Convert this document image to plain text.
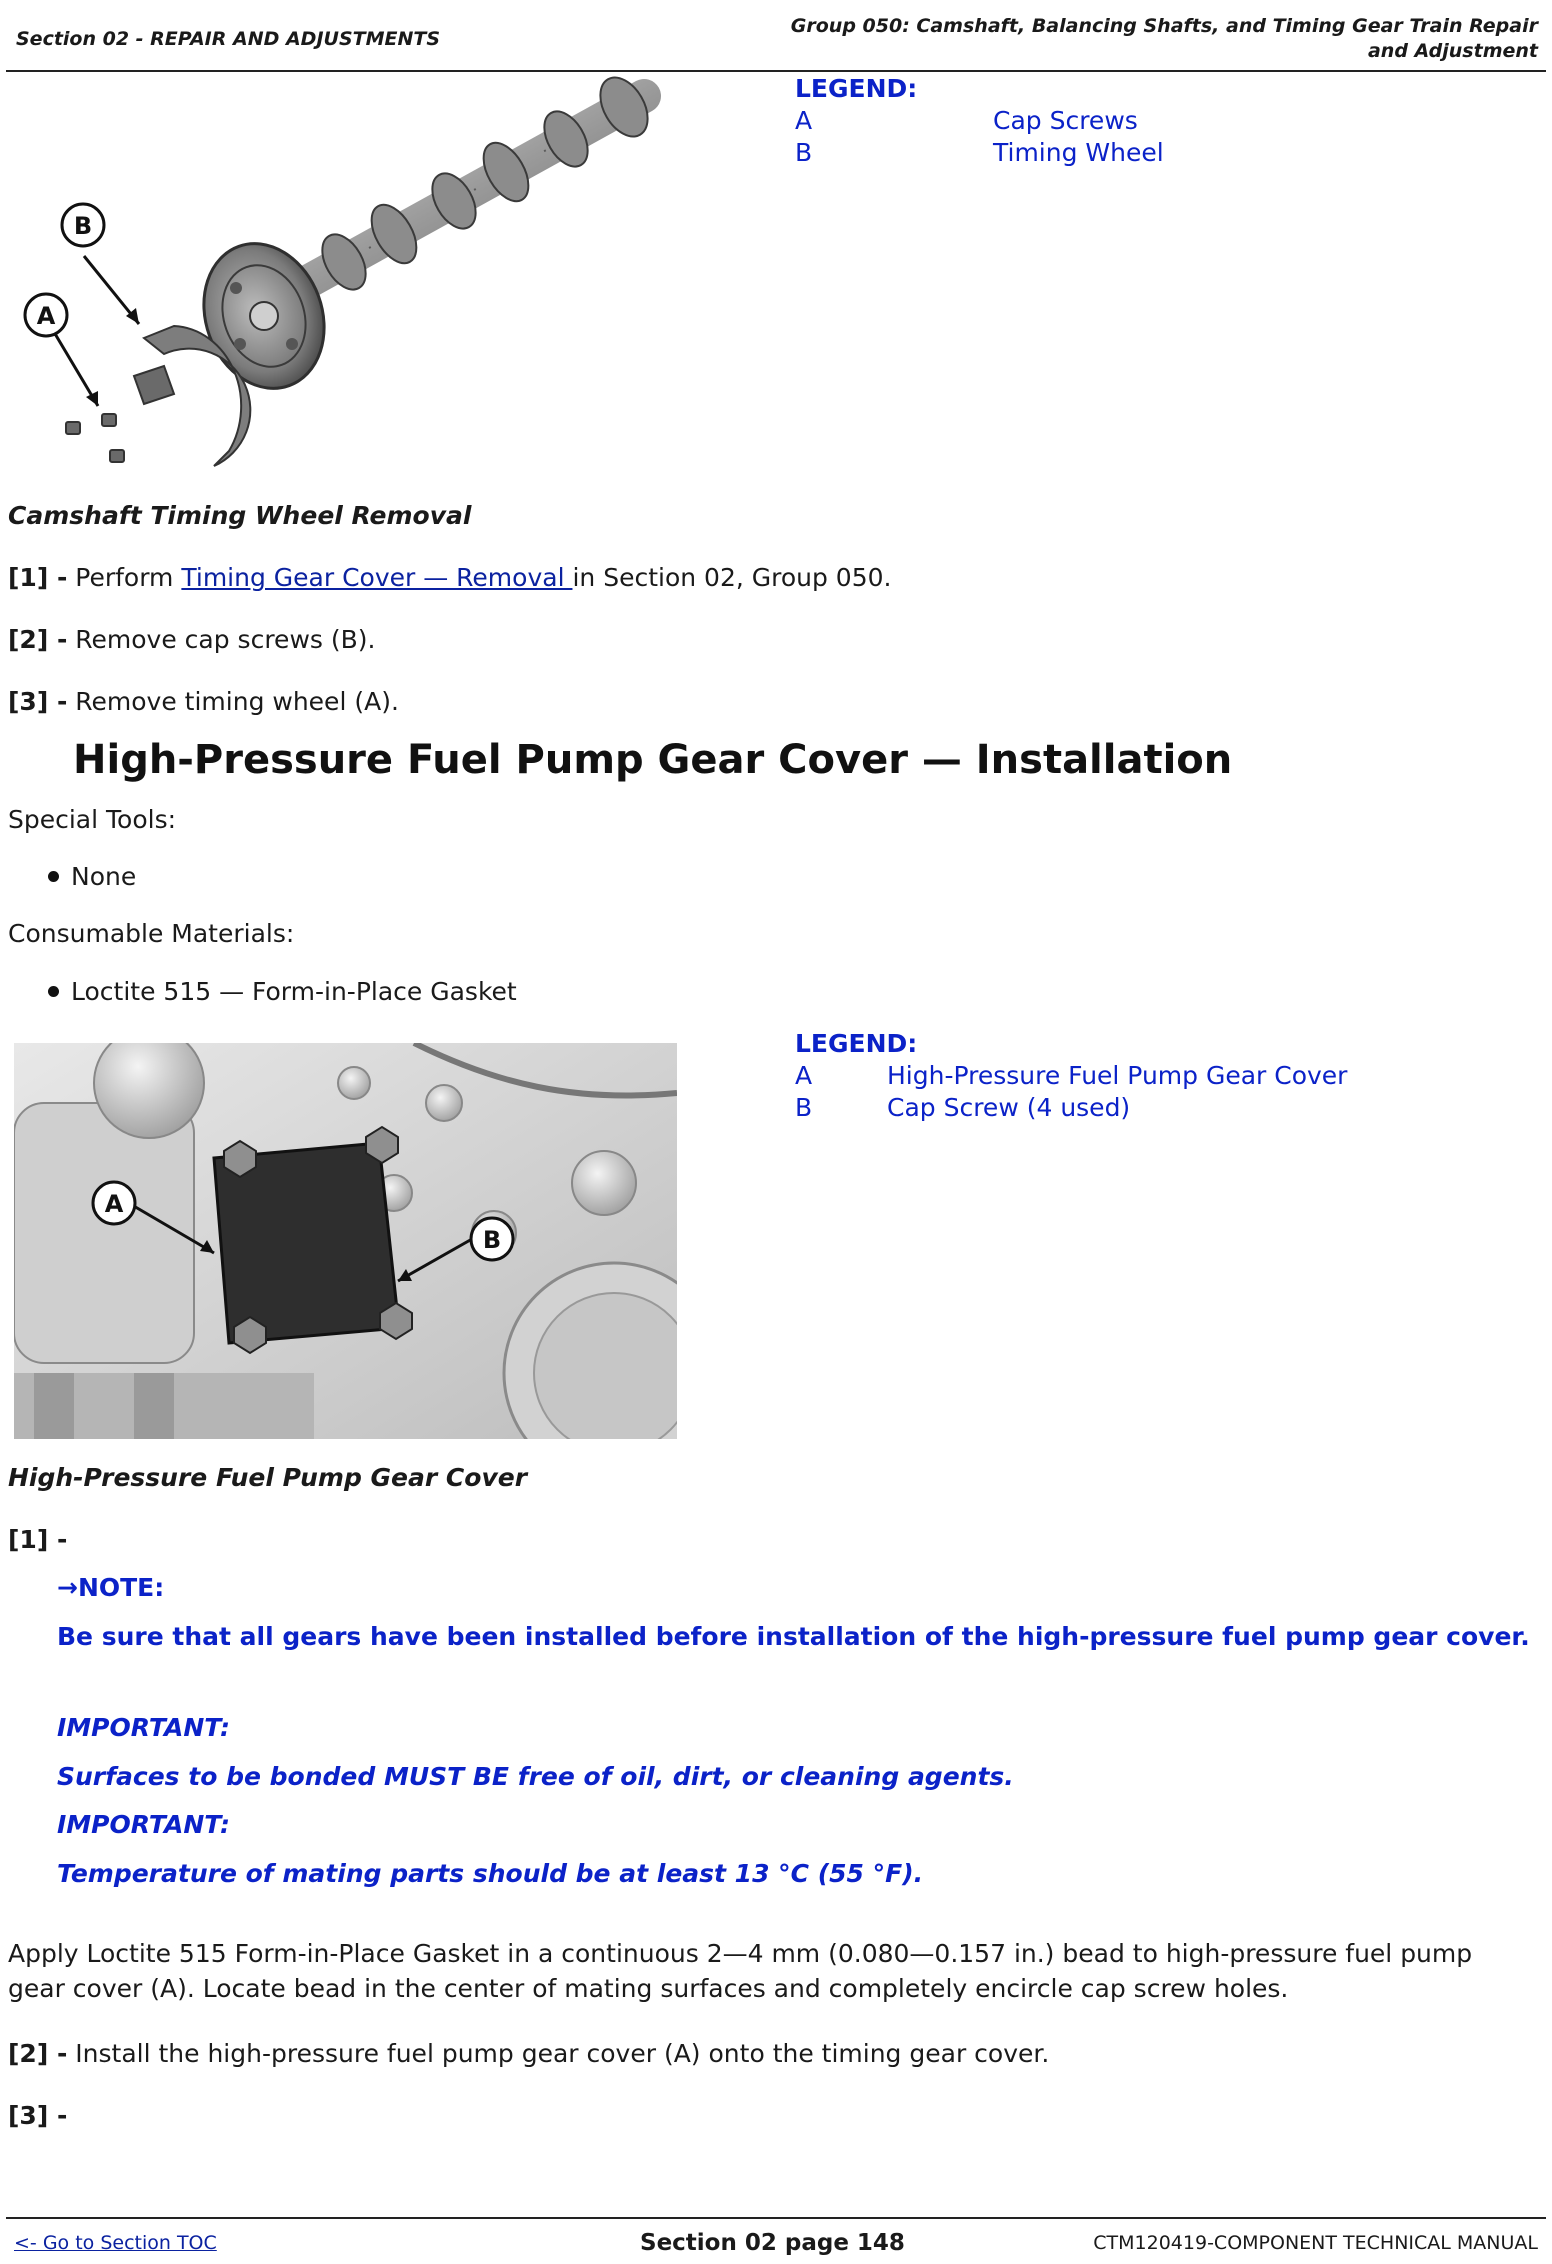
Section 02 - REPAIR AND ADJUSTMENTS
Group 050: Camshaft, Balancing Shafts, and Timing Gear Train Repair and Adjustment
B
A
LEGEND:
A	Cap Screws
B	Timing Wheel
Camshaft Timing Wheel Removal
[1] - Perform Timing Gear Cover — Removal in Section 02, Group 050.
[2] - Remove cap screws (B).
[3] - Remove timing wheel (A).
High-Pressure Fuel Pump Gear Cover — Installation
Special Tools:
None
Consumable Materials:
Loctite 515 — Form-in-Place Gasket
A
B
LEGEND:
A	High-Pressure Fuel Pump Gear Cover
B	Cap Screw (4 used)
High-Pressure Fuel Pump Gear Cover
[1] -
→NOTE:
Be sure that all gears have been installed before installation of the high-pressure fuel pump gear cover.
IMPORTANT:
Surfaces to be bonded MUST BE free of oil, dirt, or cleaning agents.
IMPORTANT:
Temperature of mating parts should be at least 13 °C (55 °F).
Apply Loctite 515 Form-in-Place Gasket in a continuous 2—4 mm (0.080—0.157 in.) bead to high-pressure fuel pump gear cover (A). Locate bead in the center of mating surfaces and completely encircle cap screw holes.
[2] - Install the high-pressure fuel pump gear cover (A) onto the timing gear cover.
[3] -
<- Go to Section TOC	Section 02 page 148	CTM120419-COMPONENT TECHNICAL MANUAL
